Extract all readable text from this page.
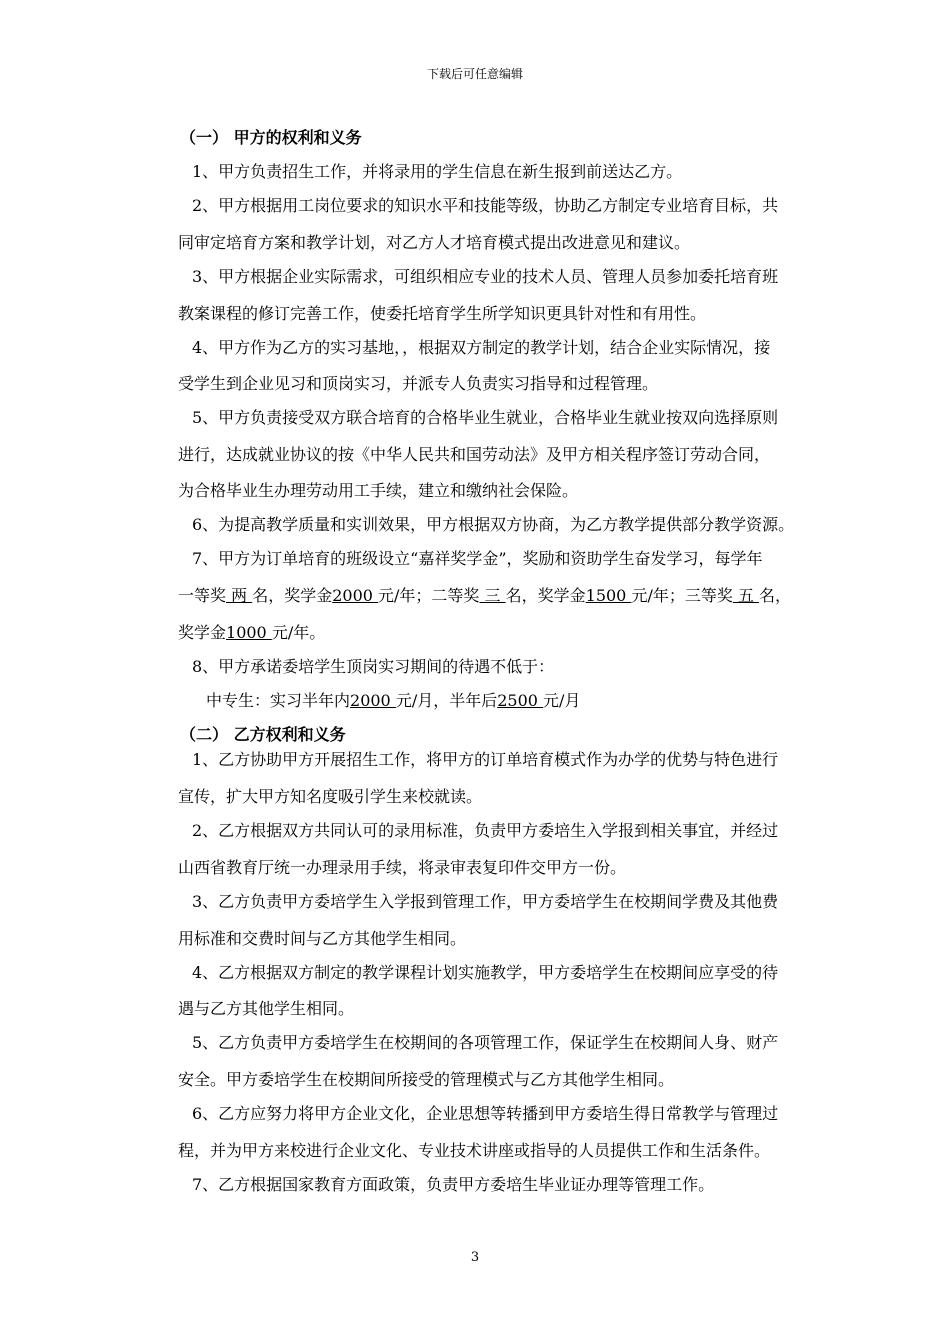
下载后可任意编辑
（一） 甲方的权利和义务
1、甲方负责招生工作，并将录用的学生信息在新生报到前送达乙方。
2、甲方根据用工岗位要求的知识水平和技能等级，协助乙方制定专业培育目标，共
同审定培育方案和教学计划，对乙方人才培育模式提出改进意见和建议。
3、甲方根据企业实际需求，可组织相应专业的技术人员、管理人员参加委托培育班
教案课程的修订完善工作，使委托培育学生所学知识更具针对性和有用性。
4、甲方作为乙方的实习基地，，根据双方制定的教学计划，结合企业实际情况，接
受学生到企业见习和顶岗实习，并派专人负责实习指导和过程管理。
5、甲方负责接受双方联合培育的合格毕业生就业，合格毕业生就业按双向选择原则
进行，达成就业协议的按《中华人民共和国劳动法》及甲方相关程序签订劳动合同，
为合格毕业生办理劳动用工手续，建立和缴纳社会保险。
6、为提高教学质量和实训效果，甲方根据双方协商，为乙方教学提供部分教学资源。
7、甲方为订单培育的班级设立“嘉祥奖学金”，奖励和资助学生奋发学习，每学年
一等奖 两 名，奖学金2000 元/年；二等奖 三 名，奖学金1500 元/年；三等奖 五 名，
奖学金1000 元/年。
8、甲方承诺委培学生顶岗实习期间的待遇不低于：
中专生：实习半年内2000 元/月，半年后2500 元/月
（二） 乙方权利和义务
1、乙方协助甲方开展招生工作，将甲方的订单培育模式作为办学的优势与特色进行
宣传，扩大甲方知名度吸引学生来校就读。
2、乙方根据双方共同认可的录用标准，负责甲方委培生入学报到相关事宜，并经过
山西省教育厅统一办理录用手续，将录审表复印件交甲方一份。
3、乙方负责甲方委培学生入学报到管理工作，甲方委培学生在校期间学费及其他费
用标准和交费时间与乙方其他学生相同。
4、乙方根据双方制定的教学课程计划实施教学，甲方委培学生在校期间应享受的待
遇与乙方其他学生相同。
5、乙方负责甲方委培学生在校期间的各项管理工作，保证学生在校期间人身、财产
安全。甲方委培学生在校期间所接受的管理模式与乙方其他学生相同。
6、乙方应努力将甲方企业文化，企业思想等转播到甲方委培生得日常教学与管理过
程，并为甲方来校进行企业文化、专业技术讲座或指导的人员提供工作和生活条件。
7、乙方根据国家教育方面政策，负责甲方委培生毕业证办理等管理工作。
3
